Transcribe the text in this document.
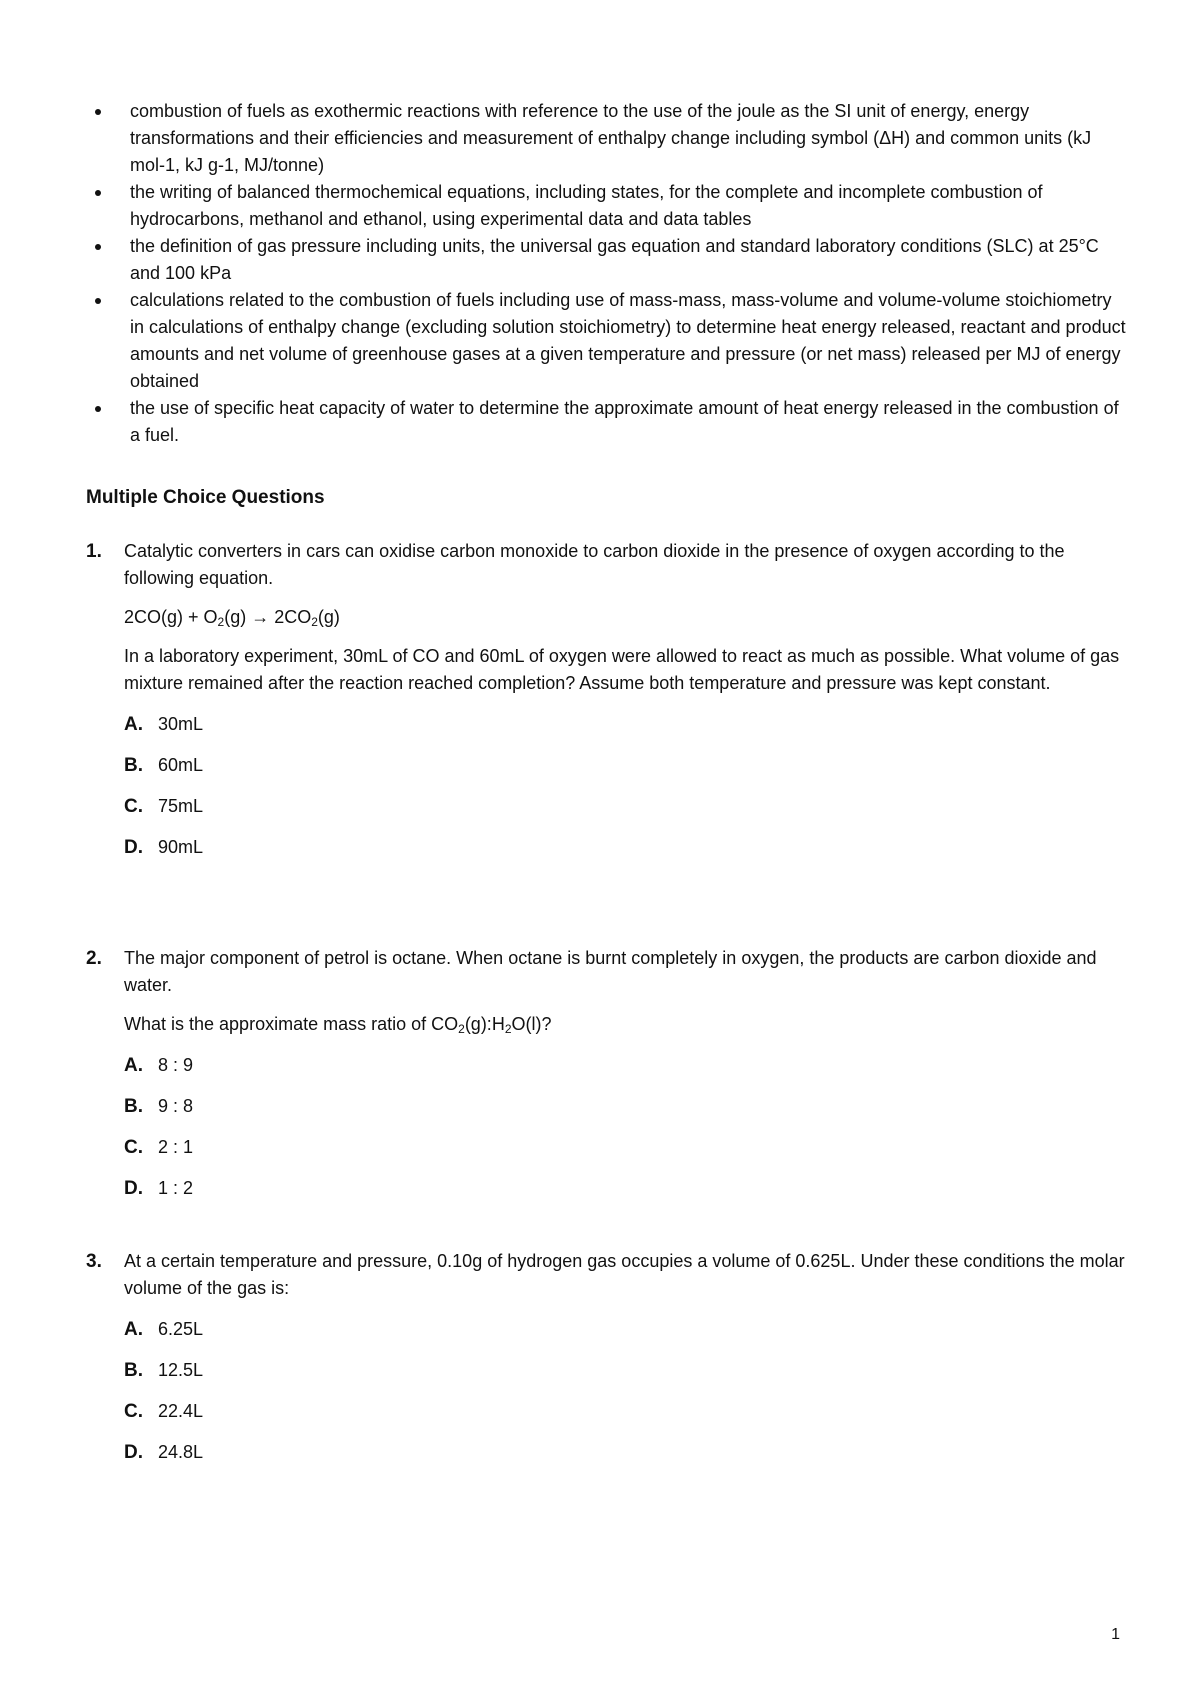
combustion of fuels as exothermic reactions with reference to the use of the joule as the SI unit of energy, energy transformations and their efficiencies and measurement of enthalpy change including symbol (ΔH) and common units (kJ mol-1, kJ g-1, MJ/tonne)
the writing of balanced thermochemical equations, including states, for the complete and incomplete combustion of hydrocarbons, methanol and ethanol, using experimental data and data tables
the definition of gas pressure including units, the universal gas equation and standard laboratory conditions (SLC) at 25°C and 100 kPa
calculations related to the combustion of fuels including use of mass-mass, mass-volume and volume-volume stoichiometry in calculations of enthalpy change (excluding solution stoichiometry) to determine heat energy released, reactant and product amounts and net volume of greenhouse gases at a given temperature and pressure (or net mass) released per MJ of energy obtained
the use of specific heat capacity of water to determine the approximate amount of heat energy released in the combustion of a fuel.
Multiple Choice Questions
1. Catalytic converters in cars can oxidise carbon monoxide to carbon dioxide in the presence of oxygen according to the following equation.

$2CO(g) + O_2(g) \to 2CO_2(g)$

In a laboratory experiment, 30mL of CO and 60mL of oxygen were allowed to react as much as possible. What volume of gas mixture remained after the reaction reached completion? Assume both temperature and pressure was kept constant.

A. 30mL
B. 60mL
C. 75mL
D. 90mL
2. The major component of petrol is octane. When octane is burnt completely in oxygen, the products are carbon dioxide and water.

What is the approximate mass ratio of $CO_2(g):H_2O(l)$?

A. 8 : 9
B. 9 : 8
C. 2 : 1
D. 1 : 2
3. At a certain temperature and pressure, 0.10g of hydrogen gas occupies a volume of 0.625L. Under these conditions the molar volume of the gas is:

A. 6.25L
B. 12.5L
C. 22.4L
D. 24.8L
1
